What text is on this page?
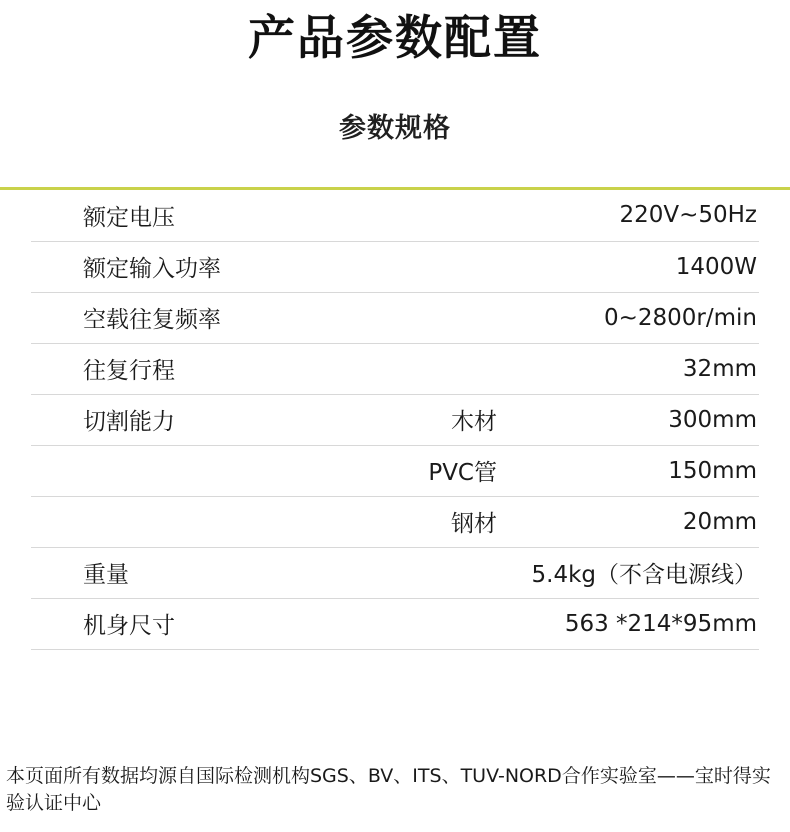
产品参数配置
参数规格
额定电压		220V~50Hz
额定输入功率		1400W
空载往复频率		0~2800r/min
往复行程		32mm
切割能力	木材	300mm
	PVC管	150mm
	钢材	20mm
重量		5.4kg（不含电源线）
机身尺寸		563 *214*95mm
本页面所有数据均源自国际检测机构SGS、BV、ITS、TUV-NORD合作实验室——宝时得实验认证中心
